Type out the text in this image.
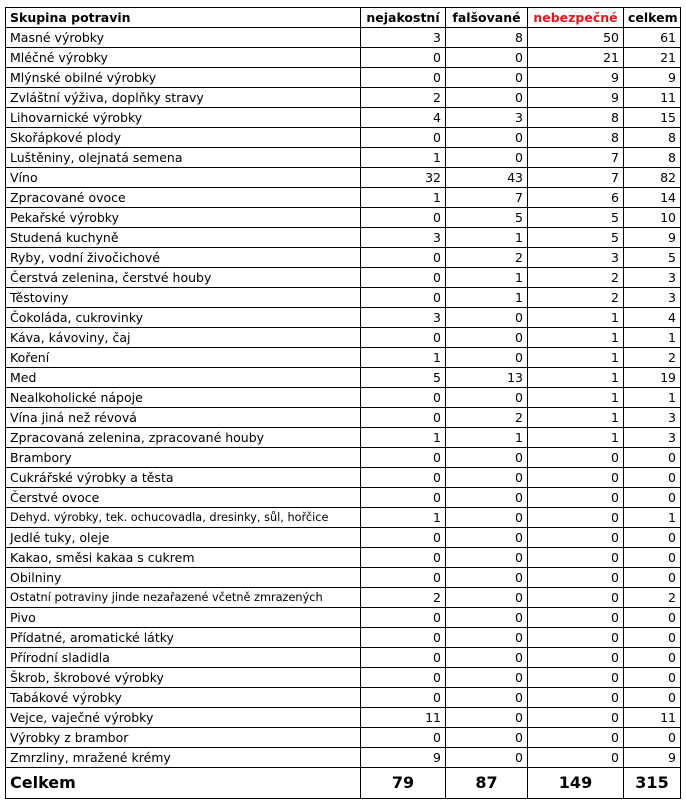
Skupina potravin	nejakostní	falšované	nebezpečné	celkem
Masné výrobky	3	8	50	61
Mléčné výrobky	0	0	21	21
Mlýnské obilné výrobky	0	0	9	9
Zvláštní výživa, doplňky stravy	2	0	9	11
Lihovarnické výrobky	4	3	8	15
Skořápkové plody	0	0	8	8
Luštěniny, olejnatá semena	1	0	7	8
Víno	32	43	7	82
Zpracované ovoce	1	7	6	14
Pekařské výrobky	0	5	5	10
Studená kuchyně	3	1	5	9
Ryby, vodní živočichové	0	2	3	5
Čerstvá zelenina, čerstvé houby	0	1	2	3
Těstoviny	0	1	2	3
Čokoláda, cukrovinky	3	0	1	4
Káva, kávoviny, čaj	0	0	1	1
Koření	1	0	1	2
Med	5	13	1	19
Nealkoholické nápoje	0	0	1	1
Vína jiná než révová	0	2	1	3
Zpracovaná zelenina, zpracované houby	1	1	1	3
Brambory	0	0	0	0
Cukrářské výrobky a těsta	0	0	0	0
Čerstvé ovoce	0	0	0	0
Dehyd. výrobky, tek. ochucovadla, dresinky, sůl, hořčice	1	0	0	1
Jedlé tuky, oleje	0	0	0	0
Kakao, směsi kakaa s cukrem	0	0	0	0
Obilniny	0	0	0	0
Ostatní potraviny jinde nezařazené včetně zmrazených	2	0	0	2
Pivo	0	0	0	0
Přídatné, aromatické látky	0	0	0	0
Přírodní sladidla	0	0	0	0
Škrob, škrobové výrobky	0	0	0	0
Tabákové výrobky	0	0	0	0
Vejce, vaječné výrobky	11	0	0	11
Výrobky z brambor	0	0	0	0
Zmrzliny, mražené krémy	9	0	0	9
Celkem	79	87	149	315
